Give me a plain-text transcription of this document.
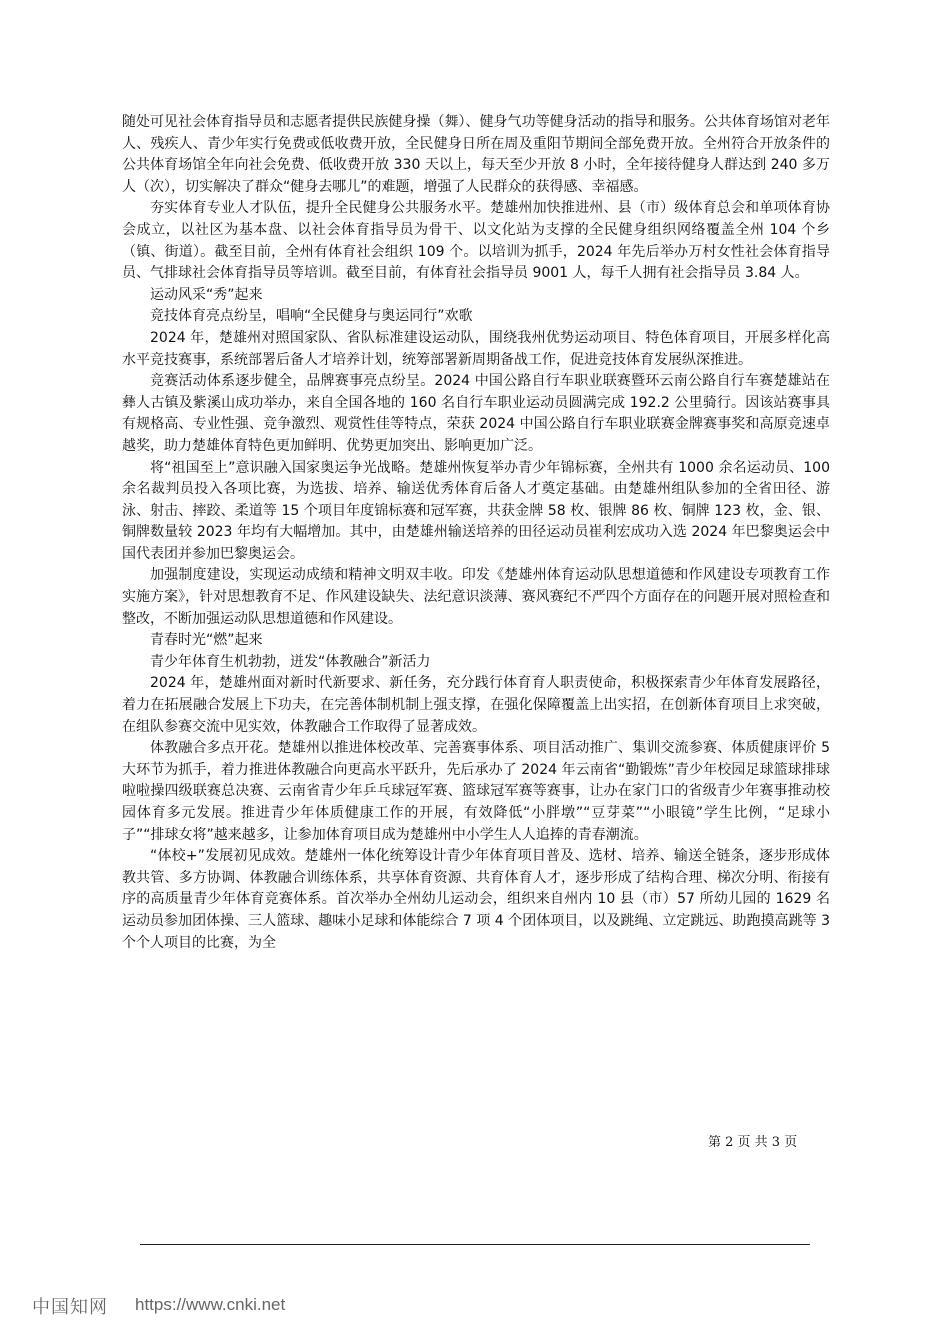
随处可见社会体育指导员和志愿者提供民族健身操（舞）、健身气功等健身活动的指导和服务。公共体育场馆对老年人、残疾人、青少年实行免费或低收费开放，全民健身日所在周及重阳节期间全部免费开放。全州符合开放条件的公共体育场馆全年向社会免费、低收费开放 330 天以上，每天至少开放 8 小时，全年接待健身人群达到 240 多万人（次），切实解决了群众“健身去哪儿”的难题，增强了人民群众的获得感、幸福感。

夯实体育专业人才队伍，提升全民健身公共服务水平。楚雄州加快推进州、县（市）级体育总会和单项体育协会成立，以社区为基本盘、以社会体育指导员为骨干、以文化站为支撑的全民健身组织网络覆盖全州 104 个乡（镇、街道）。截至目前，全州有体育社会组织 109 个。以培训为抓手，2024 年先后举办万村女性社会体育指导员、气排球社会体育指导员等培训。截至目前，有体育社会指导员 9001 人，每千人拥有社会指导员 3.84 人。

运动风采“秀”起来

竞技体育亮点纷呈，唱响“全民健身与奥运同行”欢歌

2024 年，楚雄州对照国家队、省队标准建设运动队，围绕我州优势运动项目、特色体育项目，开展多样化高水平竞技赛事，系统部署后备人才培养计划，统筹部署新周期备战工作，促进竞技体育发展纵深推进。

竞赛活动体系逐步健全，品牌赛事亮点纷呈。2024 中国公路自行车职业联赛暨环云南公路自行车赛楚雄站在彝人古镇及紫溪山成功举办，来自全国各地的 160 名自行车职业运动员圆满完成 192.2 公里骑行。因该站赛事具有规格高、专业性强、竞争激烈、观赏性佳等特点，荣获 2024 中国公路自行车职业联赛金牌赛事奖和高原竞速卓越奖，助力楚雄体育特色更加鲜明、优势更加突出、影响更加广泛。

将“祖国至上”意识融入国家奥运争光战略。楚雄州恢复举办青少年锦标赛，全州共有 1000 余名运动员、100 余名裁判员投入各项比赛，为选拔、培养、输送优秀体育后备人才奠定基础。由楚雄州组队参加的全省田径、游泳、射击、摔跤、柔道等 15 个项目年度锦标赛和冠军赛，共获金牌 58 枚、银牌 86 枚、铜牌 123 枚，金、银、铜牌数量较 2023 年均有大幅增加。其中，由楚雄州输送培养的田径运动员崔利宏成功入选 2024 年巴黎奥运会中国代表团并参加巴黎奥运会。

加强制度建设，实现运动成绩和精神文明双丰收。印发《楚雄州体育运动队思想道德和作风建设专项教育工作实施方案》，针对思想教育不足、作风建设缺失、法纪意识淡薄、赛风赛纪不严四个方面存在的问题开展对照检查和整改，不断加强运动队思想道德和作风建设。

青春时光“燃”起来

青少年体育生机勃勃，迸发“体教融合”新活力

2024 年，楚雄州面对新时代新要求、新任务，充分践行体育育人职责使命，积极探索青少年体育发展路径，着力在拓展融合发展上下功夫，在完善体制机制上强支撑，在强化保障覆盖上出实招，在创新体育项目上求突破，在组队参赛交流中见实效，体教融合工作取得了显著成效。

体教融合多点开花。楚雄州以推进体校改革、完善赛事体系、项目活动推广、集训交流参赛、体质健康评价 5 大环节为抓手，着力推进体教融合向更高水平跃升，先后承办了 2024 年云南省“勤锻炼”青少年校园足球篮球排球啦啦操四级联赛总决赛、云南省青少年乒乓球冠军赛、篮球冠军赛等赛事，让办在家门口的省级青少年赛事推动校园体育多元发展。推进青少年体质健康工作的开展，有效降低“小胖墩”“豆芽菜”“小眼镜”学生比例，“足球小子”“排球女将”越来越多，让参加体育项目成为楚雄州中小学生人人追捧的青春潮流。

“体校+”发展初见成效。楚雄州一体化统筹设计青少年体育项目普及、选材、培养、输送全链条，逐步形成体教共管、多方协调、体教融合训练体系，共享体育资源、共育体育人才，逐步形成了结构合理、梯次分明、衔接有序的高质量青少年体育竞赛体系。首次举办全州幼儿运动会，组织来自州内 10 县（市）57 所幼儿园的 1629 名运动员参加团体操、三人篮球、趣味小足球和体能综合 7 项 4 个团体项目，以及跳绳、立定跳远、助跑摸高跳等 3 个个人项目的比赛，为全

第 2 页 共 3 页
中国知网 https://www.cnki.net
